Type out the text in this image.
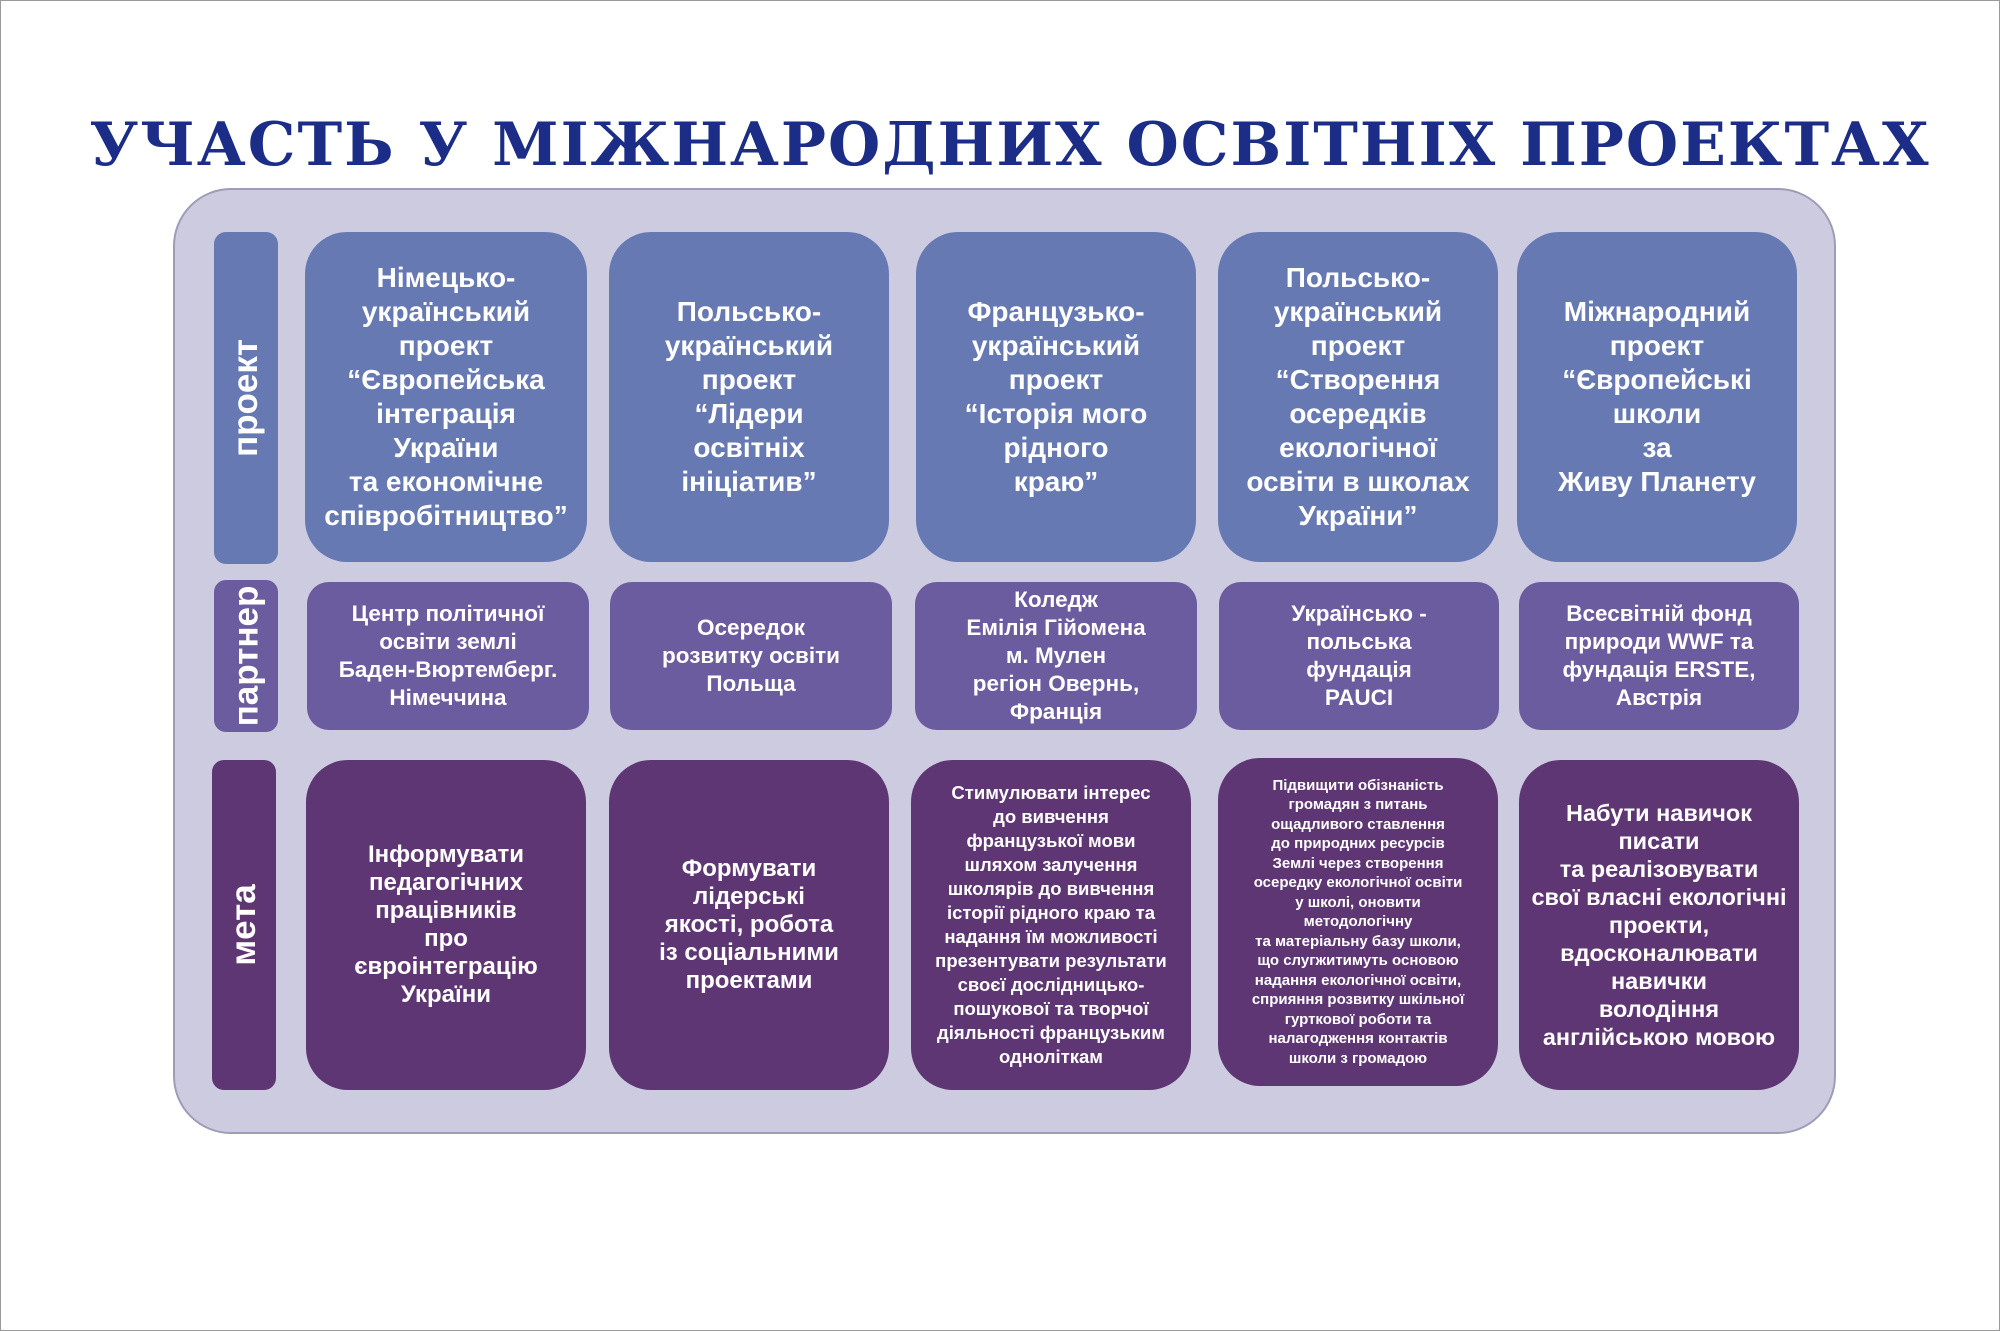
УЧАСТЬ У МІЖНАРОДНИХ ОСВІТНІХ ПРОЕКТАХ
проект
партнер
мета
Німецько-
український
проект
“Європейська
інтеграція
України
та економічне
співробітництво”
Польсько-
український
проект
“Лідери
освітніх
ініціатив”
Французько-
український
проект
“Історія мого
рідного
краю”
Польсько-
український
проект
“Створення
осередків
екологічної
освіти в школах
України”
Міжнародний
проект
“Європейські
школи
за
Живу Планету
Центр політичної
освіти землі
Баден-Вюртемберг.
Німеччина
Осередок
розвитку освіти
Польща
Коледж
Емілія Гійомена
м. Мулен
регіон Овернь,
Франція
Українсько -
польська
фундація
PAUCI
Всесвітній фонд
природи WWF та
фундація ERSTE,
Австрія
Інформувати
педагогічних
працівників
про
євроінтеграцію
України
Формувати
лідерські
якості, робота
із соціальними
проектами
Стимулювати інтерес
до вивчення
французької мови
шляхом залучення
школярів до вивчення
історії рідного краю та
надання їм можливості
презентувати результати
своєї дослідницько-
пошукової та творчої
діяльності французьким
одноліткам
Підвищити обізнаність
громадян з питань
ощадливого ставлення
до природних ресурсів
Землі через створення
осередку екологічної освіти
у школі, оновити
методологічну
та матеріальну базу школи,
що слугжитимуть основою
надання екологічної освіти,
сприяння розвитку шкільної
гурткової роботи та
налагодження контактів
школи з громадою
Набути навичок
писати
та реалізовувати
свої власні екологічні
проекти,
вдосконалювати
навички
володіння
англійською мовою
